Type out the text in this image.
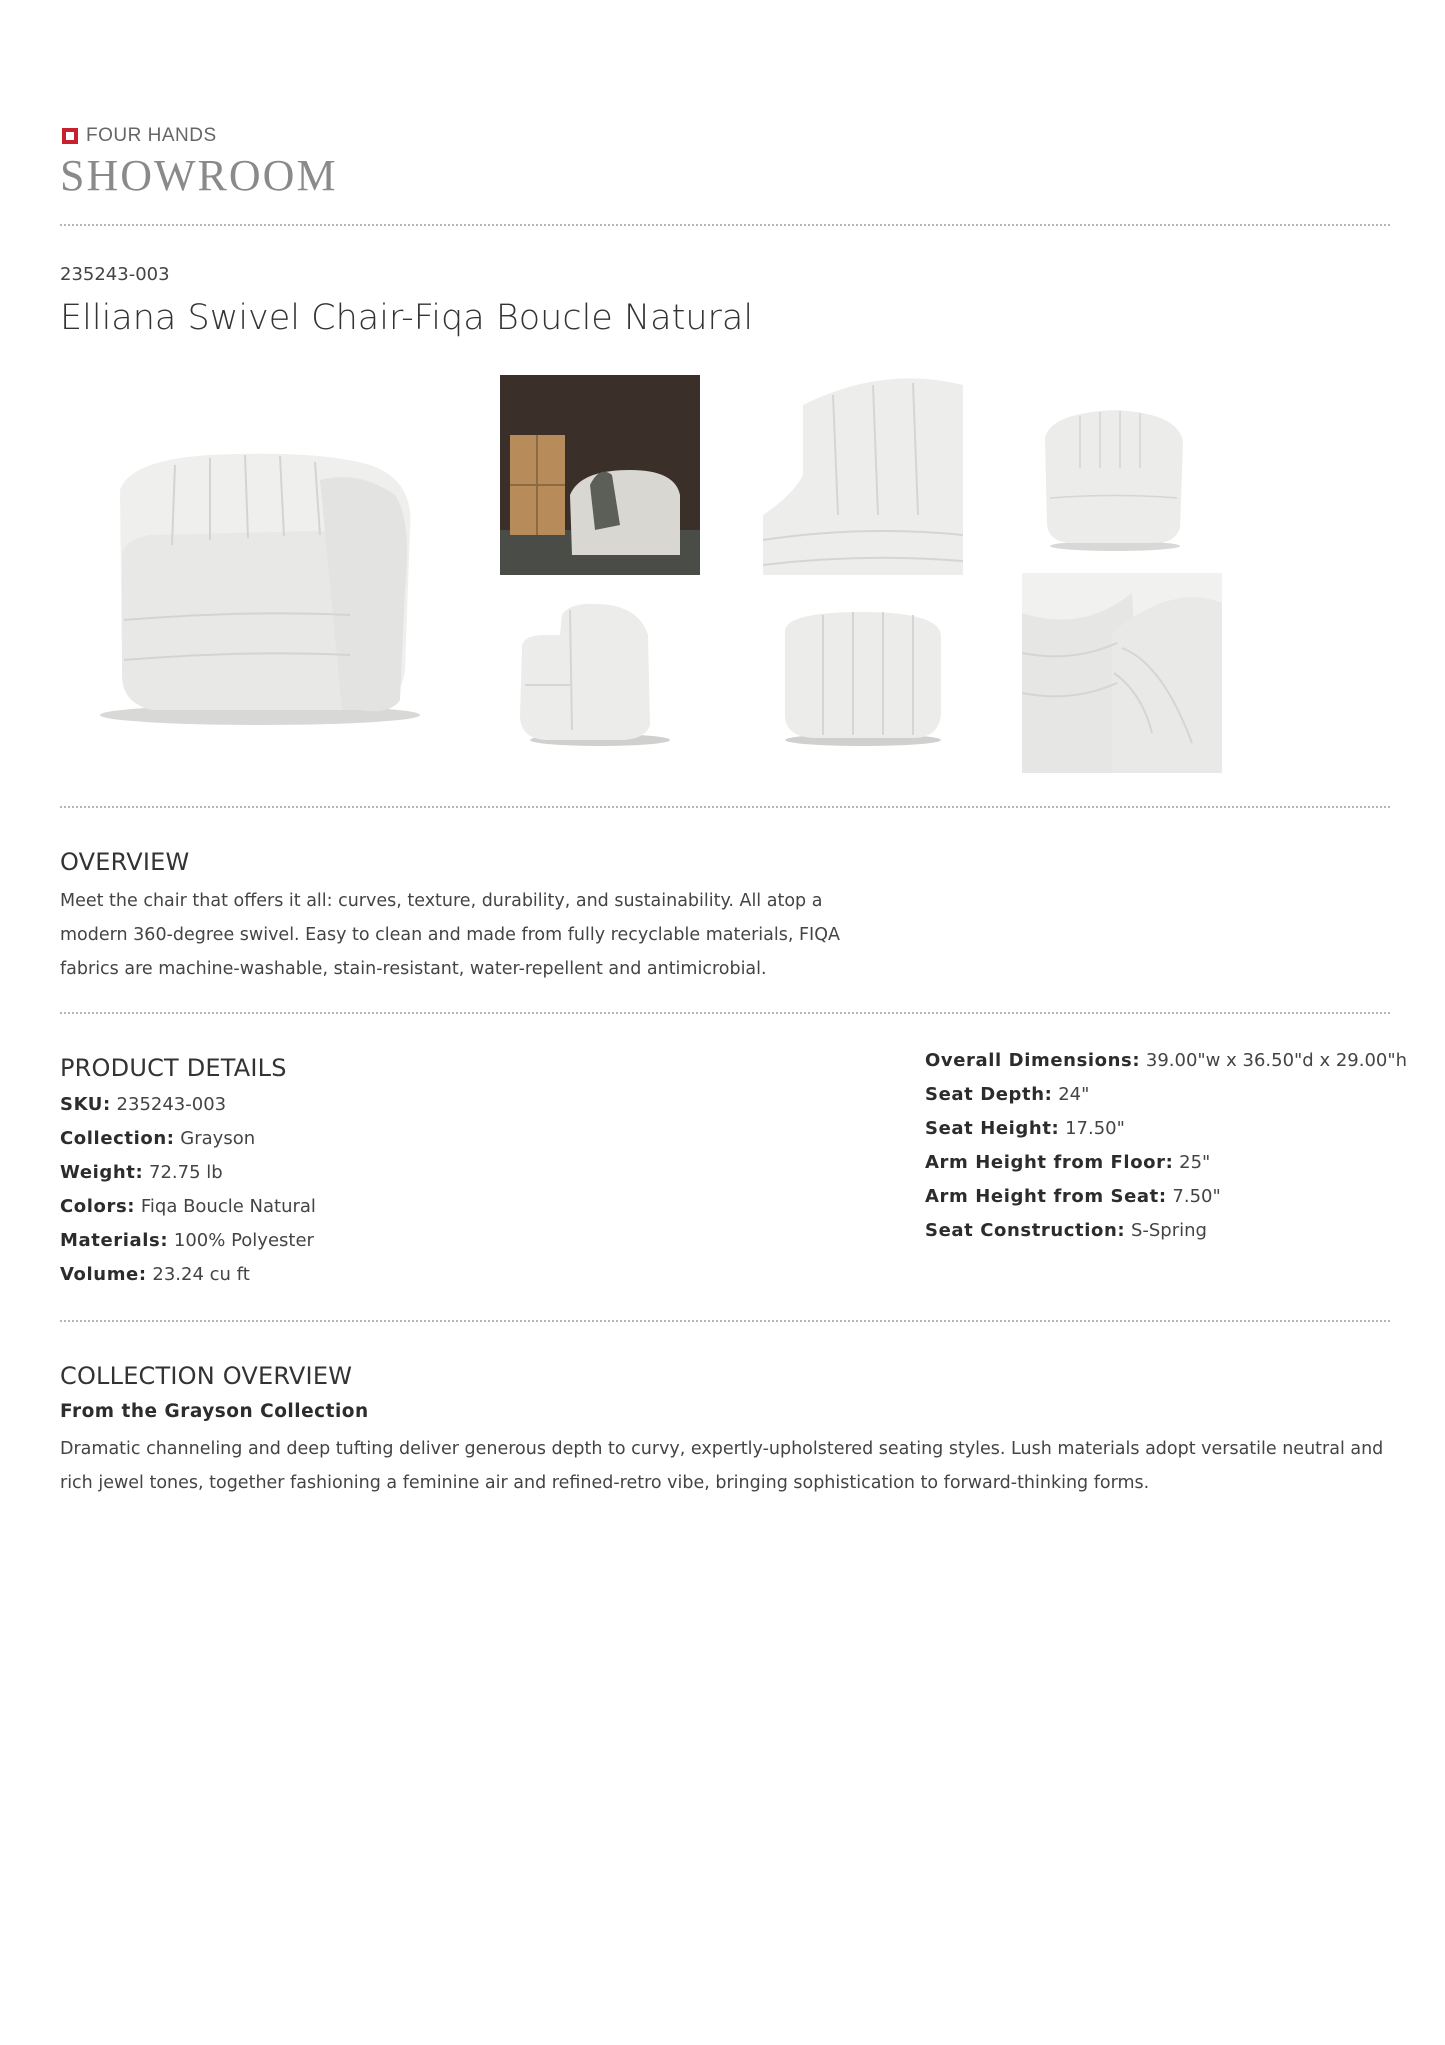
FOUR HANDS
SHOWROOM
235243-003
Elliana Swivel Chair-Fiqa Boucle Natural
OVERVIEW
Meet the chair that offers it all: curves, texture, durability, and sustainability. All atop a
modern 360-degree swivel. Easy to clean and made from fully recyclable materials, FIQA
fabrics are machine-washable, stain-resistant, water-repellent and antimicrobial.
PRODUCT DETAILS
SKU: 235243-003
Collection: Grayson
Weight: 72.75 lb
Colors: Fiqa Boucle Natural
Materials: 100% Polyester
Volume: 23.24 cu ft
Overall Dimensions: 39.00"w x 36.50"d x 29.00"h
Seat Depth: 24"
Seat Height: 17.50"
Arm Height from Floor: 25"
Arm Height from Seat: 7.50"
Seat Construction: S-Spring
COLLECTION OVERVIEW
From the Grayson Collection
Dramatic channeling and deep tufting deliver generous depth to curvy, expertly-upholstered seating styles. Lush materials adopt versatile neutral and
rich jewel tones, together fashioning a feminine air and refined-retro vibe, bringing sophistication to forward-thinking forms.
